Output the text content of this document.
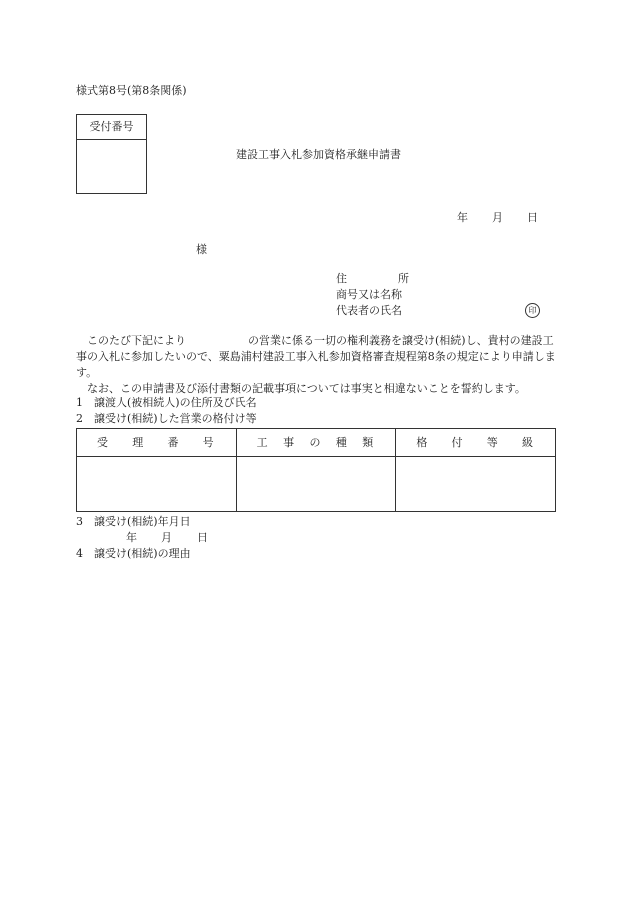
様式第8号(第8条関係)
受付番号
建設工事入札参加資格承継申請書
年 月 日
様
住	所
商号又は名称
代表者の氏名	印
このたび下記により	の営業に係る一切の権利義務を譲受け(相続)し、貴村の建設工事の入札に参加したいので、粟島浦村建設工事入札参加資格審査規程第8条の規定により申請します。
なお、この申請書及び添付書類の記載事項については事実と相違ないことを誓約します。
1　譲渡人(被相続人)の住所及び氏名
2　譲受け(相続)した営業の格付け等
受 理 番 号	工 事 の 種 類	格 付 等 級

3　譲受け(相続)年月日
年 月 日
4　譲受け(相続)の理由
